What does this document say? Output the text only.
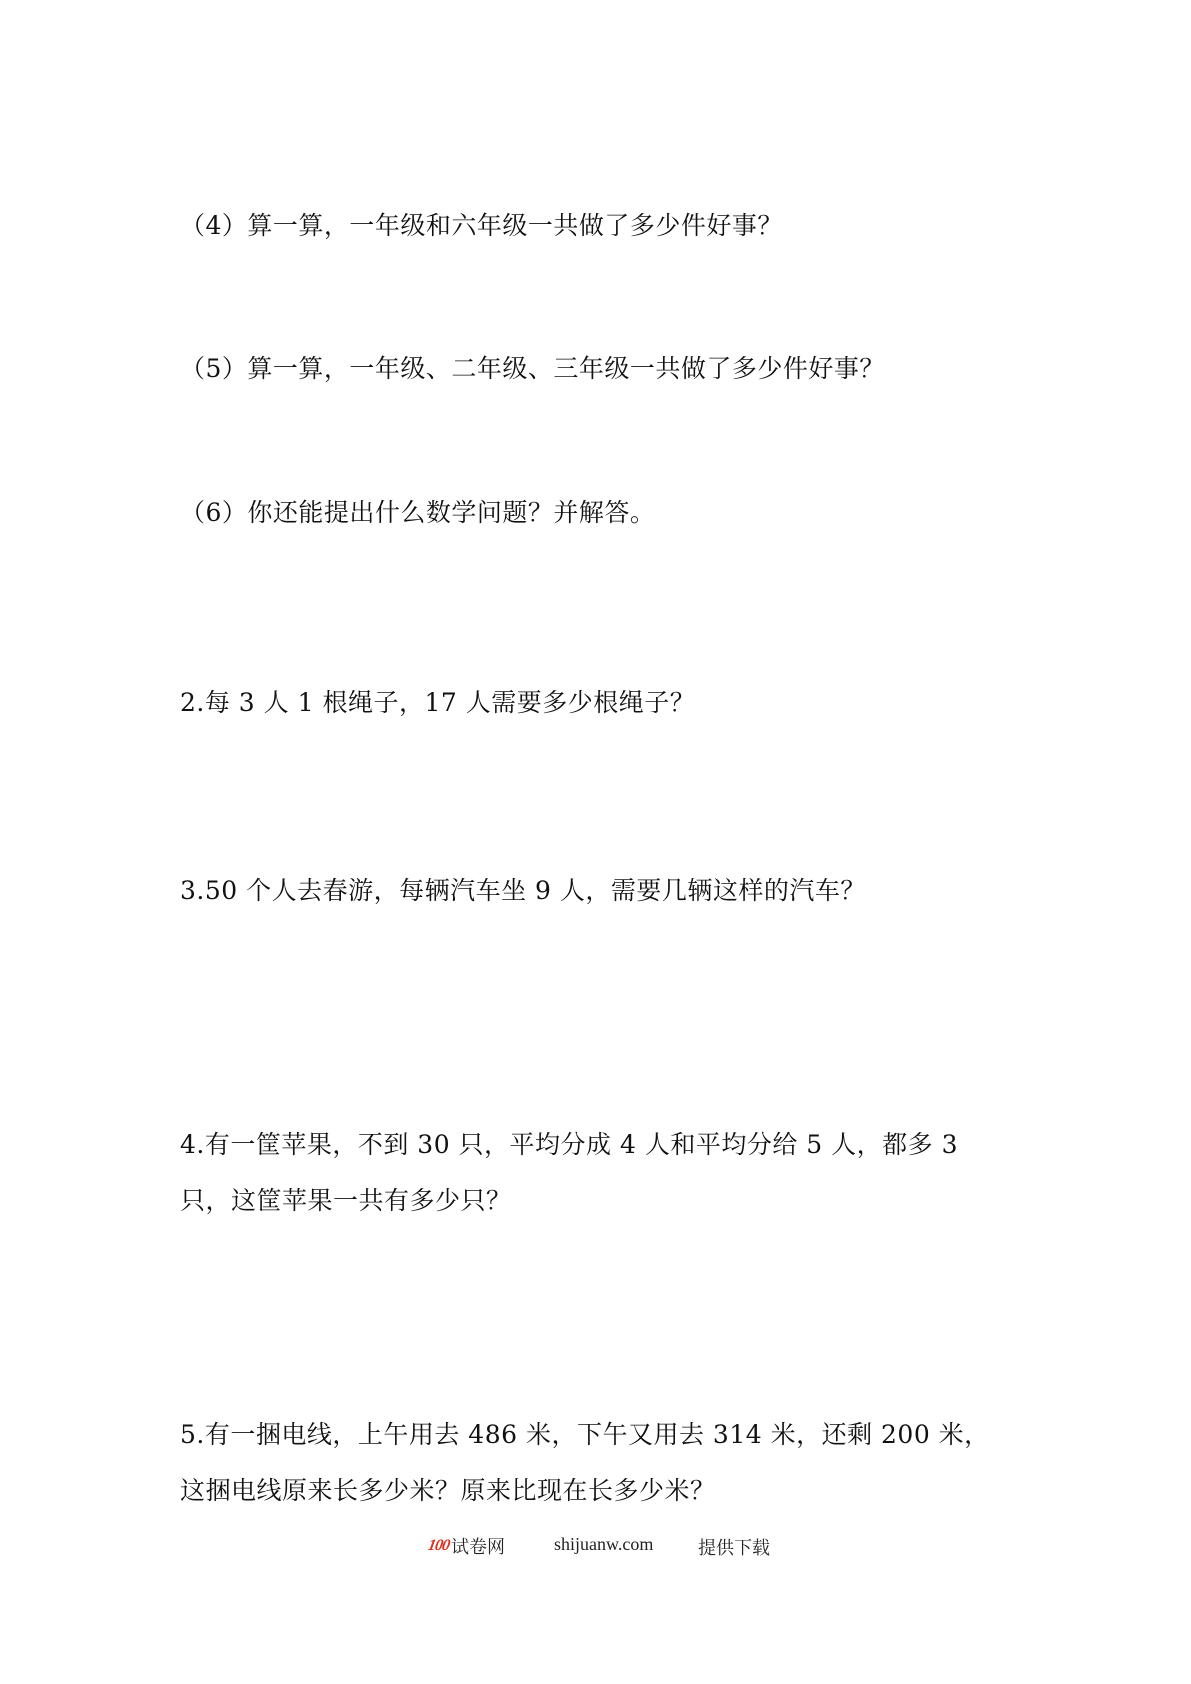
（4）算一算，一年级和六年级一共做了多少件好事？

（5）算一算，一年级、二年级、三年级一共做了多少件好事？

（6）你还能提出什么数学问题？并解答。

2.每 3 人 1 根绳子，17 人需要多少根绳子？

3.50 个人去春游，每辆汽车坐 9 人，需要几辆这样的汽车？

4.有一筐苹果，不到 30 只，平均分成 4 人和平均分给 5 人，都多 3
只，这筐苹果一共有多少只？

5.有一捆电线，上午用去 486 米，下午又用去 314 米，还剩 200 米，
这捆电线原来长多少米？原来比现在长多少米？

100 试卷网	shijuanw.com 提供下载
